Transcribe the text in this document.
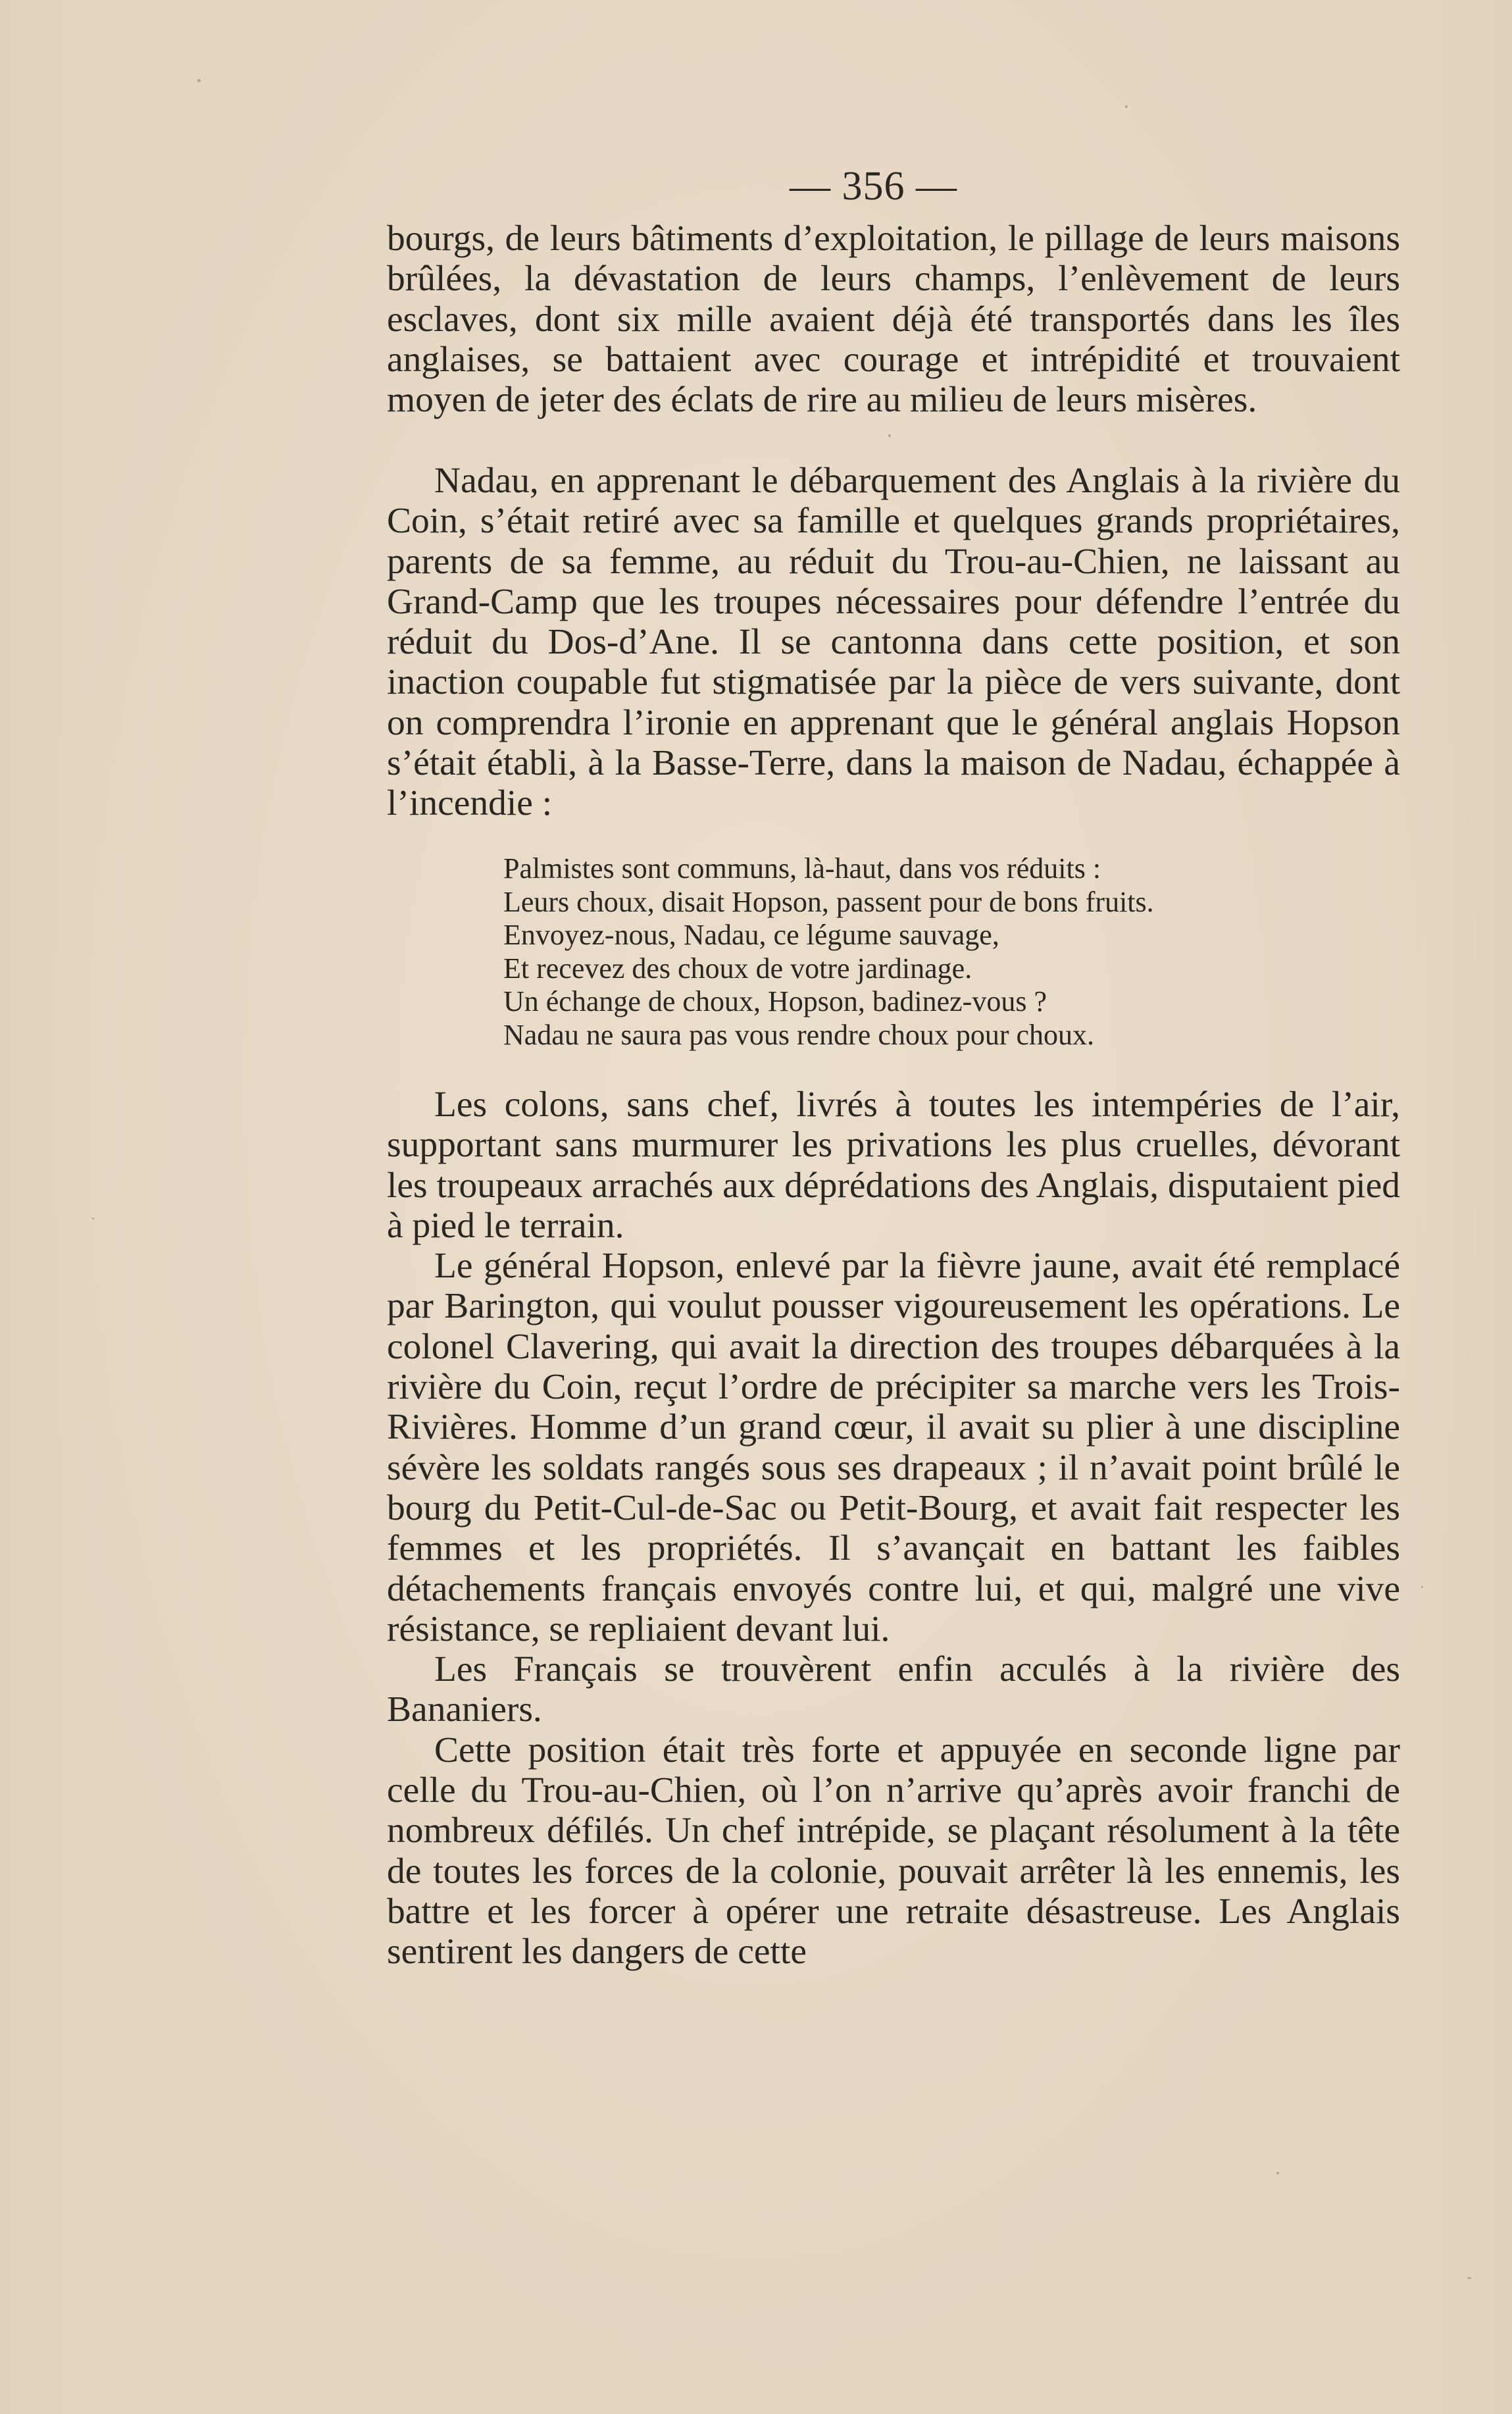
— 356 —

bourgs, de leurs bâtiments d’exploitation, le pillage de leurs maisons brûlées, la dévastation de leurs champs, l’enlèvement de leurs esclaves, dont six mille avaient déjà été transportés dans les îles anglaises, se battaient avec courage et intrépidité et trouvaient moyen de jeter des éclats de rire au milieu de leurs misères.

Nadau, en apprenant le débarquement des Anglais à la rivière du Coin, s’était retiré avec sa famille et quelques grands propriétaires, parents de sa femme, au réduit du Trou-au-Chien, ne laissant au Grand-Camp que les troupes nécessaires pour défendre l’entrée du réduit du Dos-d’Ane. Il se cantonna dans cette position, et son inaction coupable fut stigmatisée par la pièce de vers suivante, dont on comprendra l’ironie en apprenant que le général anglais Hopson s’était établi, à la Basse-Terre, dans la maison de Nadau, échappée à l’incendie :

Palmistes sont communs, là-haut, dans vos réduits :
Leurs choux, disait Hopson, passent pour de bons fruits.
Envoyez-nous, Nadau, ce légume sauvage,
Et recevez des choux de votre jardinage.
Un échange de choux, Hopson, badinez-vous ?
Nadau ne saura pas vous rendre choux pour choux.

Les colons, sans chef, livrés à toutes les intempéries de l’air, supportant sans murmurer les privations les plus cruelles, dévorant les troupeaux arrachés aux déprédations des Anglais, disputaient pied à pied le terrain.

Le général Hopson, enlevé par la fièvre jaune, avait été remplacé par Barington, qui voulut pousser vigoureusement les opérations. Le colonel Clavering, qui avait la direction des troupes débarquées à la rivière du Coin, reçut l’ordre de précipiter sa marche vers les Trois-Rivières. Homme d’un grand cœur, il avait su plier à une discipline sévère les soldats rangés sous ses drapeaux ; il n’avait point brûlé le bourg du Petit-Cul-de-Sac ou Petit-Bourg, et avait fait respecter les femmes et les propriétés. Il s’avançait en battant les faibles détachements français envoyés contre lui, et qui, malgré une vive résistance, se repliaient devant lui.

Les Français se trouvèrent enfin acculés à la rivière des Bananiers.

Cette position était très forte et appuyée en seconde ligne par celle du Trou-au-Chien, où l’on n’arrive qu’après avoir franchi de nombreux défilés. Un chef intrépide, se plaçant résolument à la tête de toutes les forces de la colonie, pouvait arrêter là les ennemis, les battre et les forcer à opérer une retraite désastreuse. Les Anglais sentirent les dangers de cette
